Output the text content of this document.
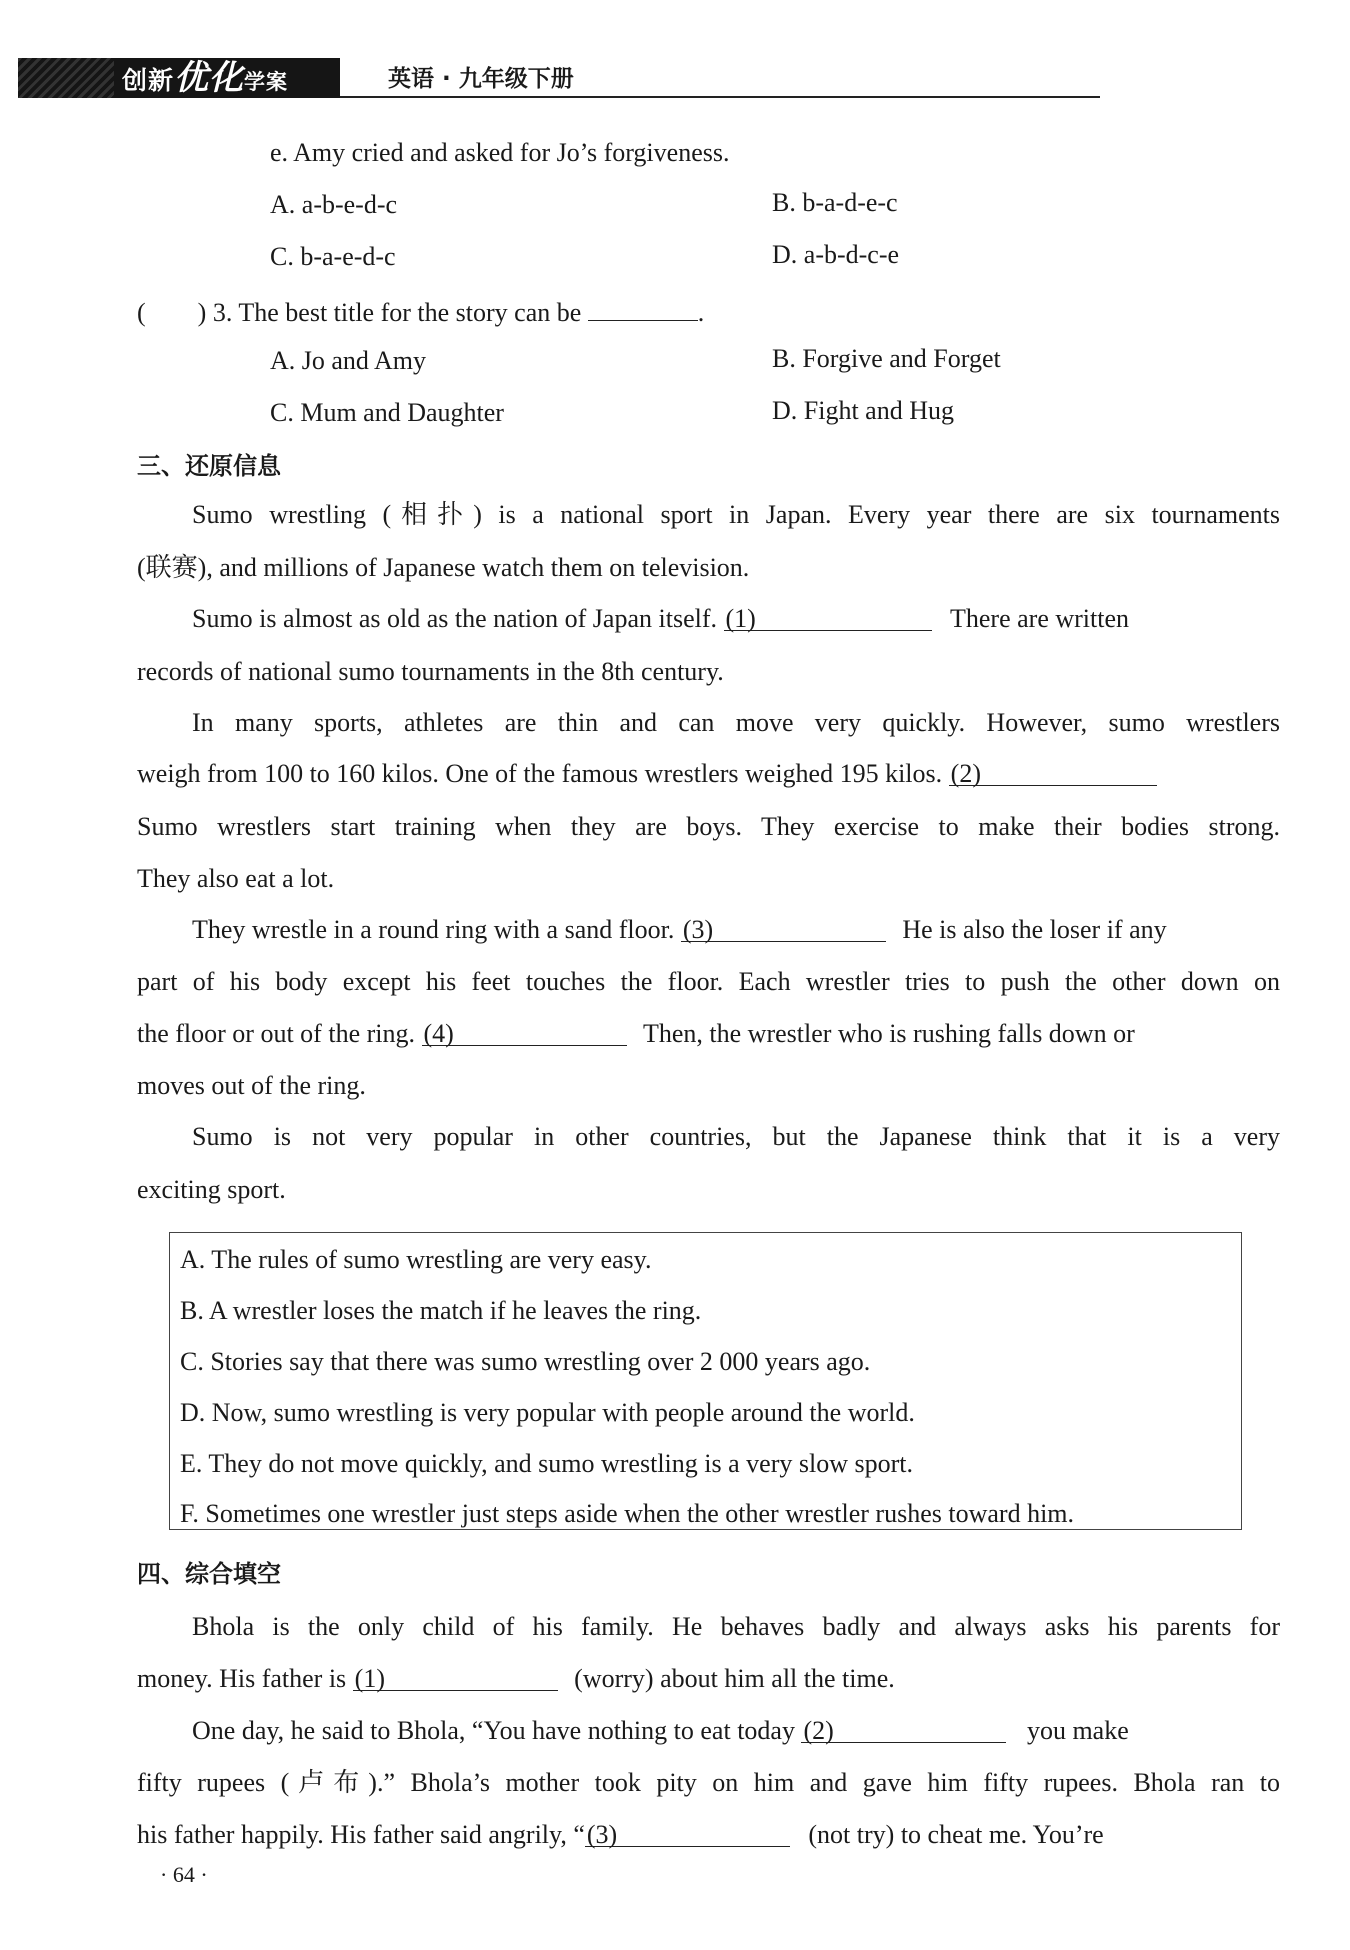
创新优化学案	英语 · 九年级下册
e. Amy cried and asked for Jo’s forgiveness.
A. a-b-e-d-c	B. b-a-d-e-c
C. b-a-e-d-c	D. a-b-d-c-e
(　　) 3. The best title for the story can be	.
A. Jo and Amy	B. Forgive and Forget
C. Mum and Daughter	D. Fight and Hug
三、还原信息
Sumo wrestling (相扑) is a national sport in Japan. Every year there are six tournaments
(联赛), and millions of Japanese watch them on television.
Sumo is almost as old as the nation of Japan itself. (1)	There are written
records of national sumo tournaments in the 8th century.
In many sports, athletes are thin and can move very quickly. However, sumo wrestlers
weigh from 100 to 160 kilos. One of the famous wrestlers weighed 195 kilos. (2)
Sumo wrestlers start training when they are boys. They exercise to make their bodies strong.
They also eat a lot.
They wrestle in a round ring with a sand floor. (3)	He is also the loser if any
part of his body except his feet touches the floor. Each wrestler tries to push the other down on
the floor or out of the ring. (4)	Then, the wrestler who is rushing falls down or
moves out of the ring.
Sumo is not very popular in other countries, but the Japanese think that it is a very
exciting sport.
A. The rules of sumo wrestling are very easy.
B. A wrestler loses the match if he leaves the ring.
C. Stories say that there was sumo wrestling over 2 000 years ago.
D. Now, sumo wrestling is very popular with people around the world.
E. They do not move quickly, and sumo wrestling is a very slow sport.
F. Sometimes one wrestler just steps aside when the other wrestler rushes toward him.
四、综合填空
Bhola is the only child of his family. He behaves badly and always asks his parents for
money. His father is (1)	(worry) about him all the time.
One day, he said to Bhola, “You have nothing to eat today (2)	you make
fifty rupees (卢布).” Bhola’s mother took pity on him and gave him fifty rupees. Bhola ran to
his father happily. His father said angrily, “(3)	(not try) to cheat me. You’re
· 64 ·
